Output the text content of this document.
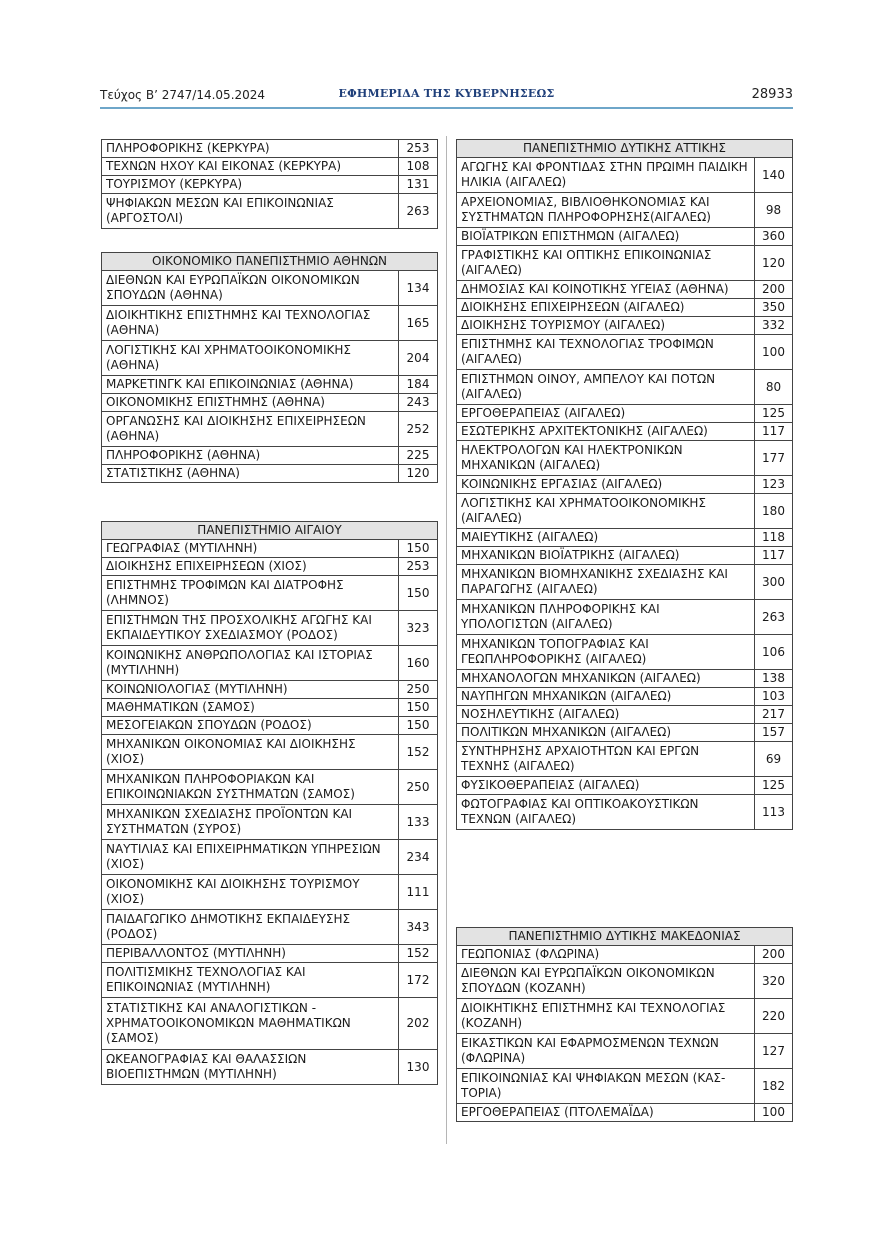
Τεύχος Β’ 2747/14.05.2024	ΕΦΗΜΕΡΙΔΑ ΤΗΣ ΚΥΒΕΡΝΗΣΕΩΣ	28933
ΠΛΗΡΟΦΟΡΙΚΗΣ (ΚΕΡΚΥΡΑ)	253
ΤΕΧΝΩΝ ΗΧΟΥ ΚΑΙ ΕΙΚΟΝΑΣ (ΚΕΡΚΥΡΑ)	108
ΤΟΥΡΙΣΜΟΥ (ΚΕΡΚΥΡΑ)	131
ΨΗΦΙΑΚΩΝ ΜΕΣΩΝ ΚΑΙ ΕΠΙΚΟΙΝΩΝΙΑΣ (ΑΡΓΟΣΤΟΛΙ)	263
ΟΙΚΟΝΟΜΙΚΟ ΠΑΝΕΠΙΣΤΗΜΙΟ ΑΘΗΝΩΝ	
ΔΙΕΘΝΩΝ ΚΑΙ ΕΥΡΩΠΑΪΚΩΝ ΟΙΚΟΝΟΜΙΚΩΝ ΣΠΟΥΔΩΝ (ΑΘΗΝΑ)	134
ΔΙΟΙΚΗΤΙΚΗΣ ΕΠΙΣΤΗΜΗΣ ΚΑΙ ΤΕΧΝΟΛΟΓΙΑΣ (ΑΘΗΝΑ)	165
ΛΟΓΙΣΤΙΚΗΣ ΚΑΙ ΧΡΗΜΑΤΟΟΙΚΟΝΟΜΙΚΗΣ (ΑΘΗΝΑ)	204
ΜΑΡΚΕΤΙΝΓΚ ΚΑΙ ΕΠΙΚΟΙΝΩΝΙΑΣ (ΑΘΗΝΑ)	184
ΟΙΚΟΝΟΜΙΚΗΣ ΕΠΙΣΤΗΜΗΣ (ΑΘΗΝΑ)	243
ΟΡΓΑΝΩΣΗΣ ΚΑΙ ΔΙΟΙΚΗΣΗΣ ΕΠΙΧΕΙΡΗΣΕΩΝ (ΑΘΗΝΑ)	252
ΠΛΗΡΟΦΟΡΙΚΗΣ (ΑΘΗΝΑ)	225
ΣΤΑΤΙΣΤΙΚΗΣ (ΑΘΗΝΑ)	120
ΠΑΝΕΠΙΣΤΗΜΙΟ ΑΙΓΑΙΟΥ	
ΓΕΩΓΡΑΦΙΑΣ (ΜΥΤΙΛΗΝΗ)	150
ΔΙΟΙΚΗΣΗΣ ΕΠΙΧΕΙΡΗΣΕΩΝ (ΧΙΟΣ)	253
ΕΠΙΣΤΗΜΗΣ ΤΡΟΦΙΜΩΝ ΚΑΙ ΔΙΑΤΡΟΦΗΣ (ΛΗΜΝΟΣ)	150
ΕΠΙΣΤΗΜΩΝ ΤΗΣ ΠΡΟΣΧΟΛΙΚΗΣ ΑΓΩΓΗΣ ΚΑΙ ΕΚΠΑΙΔΕΥΤΙΚΟΥ ΣΧΕΔΙΑΣΜΟΥ (ΡΟΔΟΣ)	323
ΚΟΙΝΩΝΙΚΗΣ ΑΝΘΡΩΠΟΛΟΓΙΑΣ ΚΑΙ ΙΣΤΟΡΙΑΣ (ΜΥΤΙΛΗΝΗ)	160
ΚΟΙΝΩΝΙΟΛΟΓΙΑΣ (ΜΥΤΙΛΗΝΗ)	250
ΜΑΘΗΜΑΤΙΚΩΝ (ΣΑΜΟΣ)	150
ΜΕΣΟΓΕΙΑΚΩΝ ΣΠΟΥΔΩΝ (ΡΟΔΟΣ)	150
ΜΗΧΑΝΙΚΩΝ ΟΙΚΟΝΟΜΙΑΣ ΚΑΙ ΔΙΟΙΚΗΣΗΣ (ΧΙΟΣ)	152
ΜΗΧΑΝΙΚΩΝ ΠΛΗΡΟΦΟΡΙΑΚΩΝ ΚΑΙ ΕΠΙΚΟΙΝΩΝΙΑΚΩΝ ΣΥΣΤΗΜΑΤΩΝ (ΣΑΜΟΣ)	250
ΜΗΧΑΝΙΚΩΝ ΣΧΕΔΙΑΣΗΣ ΠΡΟΪΟΝΤΩΝ ΚΑΙ ΣΥΣΤΗΜΑΤΩΝ (ΣΥΡΟΣ)	133
ΝΑΥΤΙΛΙΑΣ ΚΑΙ ΕΠΙΧΕΙΡΗΜΑΤΙΚΩΝ ΥΠΗΡΕΣΙΩΝ (ΧΙΟΣ)	234
ΟΙΚΟΝΟΜΙΚΗΣ ΚΑΙ ΔΙΟΙΚΗΣΗΣ ΤΟΥΡΙΣΜΟΥ (ΧΙΟΣ)	111
ΠΑΙΔΑΓΩΓΙΚΟ ΔΗΜΟΤΙΚΗΣ ΕΚΠΑΙΔΕΥΣΗΣ (ΡΟΔΟΣ)	343
ΠΕΡΙΒΑΛΛΟΝΤΟΣ (ΜΥΤΙΛΗΝΗ)	152
ΠΟΛΙΤΙΣΜΙΚΗΣ ΤΕΧΝΟΛΟΓΙΑΣ ΚΑΙ ΕΠΙΚΟΙΝΩΝΙΑΣ (ΜΥΤΙΛΗΝΗ)	172
ΣΤΑΤΙΣΤΙΚΗΣ ΚΑΙ ΑΝΑΛΟΓΙΣΤΙΚΩΝ - ΧΡΗΜΑΤΟΟΙΚΟΝΟΜΙΚΩΝ ΜΑΘΗΜΑΤΙΚΩΝ (ΣΑΜΟΣ)	202
ΩΚΕΑΝΟΓΡΑΦΙΑΣ ΚΑΙ ΘΑΛΑΣΣΙΩΝ ΒΙΟΕΠΙΣΤΗΜΩΝ (ΜΥΤΙΛΗΝΗ)	130
ΠΑΝΕΠΙΣΤΗΜΙΟ ΔΥΤΙΚΗΣ ΑΤΤΙΚΗΣ	
ΑΓΩΓΗΣ ΚΑΙ ΦΡΟΝΤΙΔΑΣ ΣΤΗΝ ΠΡΩΙΜΗ ΠΑΙΔΙΚΗ ΗΛΙΚΙΑ (ΑΙΓΑΛΕΩ)	140
ΑΡΧΕΙΟΝΟΜΙΑΣ, ΒΙΒΛΙΟΘΗΚΟΝΟΜΙΑΣ ΚΑΙ ΣΥΣΤΗΜΑΤΩΝ ΠΛΗΡΟΦΟΡΗΣΗΣ(ΑΙΓΑΛΕΩ)	98
ΒΙΟΪΑΤΡΙΚΩΝ ΕΠΙΣΤΗΜΩΝ (ΑΙΓΑΛΕΩ)	360
ΓΡΑΦΙΣΤΙΚΗΣ ΚΑΙ ΟΠΤΙΚΗΣ ΕΠΙΚΟΙΝΩΝΙΑΣ (ΑΙΓΑΛΕΩ)	120
ΔΗΜΟΣΙΑΣ ΚΑΙ ΚΟΙΝΟΤΙΚΗΣ ΥΓΕΙΑΣ (ΑΘΗΝΑ)	200
ΔΙΟΙΚΗΣΗΣ ΕΠΙΧΕΙΡΗΣΕΩΝ (ΑΙΓΑΛΕΩ)	350
ΔΙΟΙΚΗΣΗΣ ΤΟΥΡΙΣΜΟΥ (ΑΙΓΑΛΕΩ)	332
ΕΠΙΣΤΗΜΗΣ ΚΑΙ ΤΕΧΝΟΛΟΓΙΑΣ ΤΡΟΦΙΜΩΝ (ΑΙΓΑΛΕΩ)	100
ΕΠΙΣΤΗΜΩΝ ΟΙΝΟΥ, ΑΜΠΕΛΟΥ ΚΑΙ ΠΟΤΩΝ (ΑΙΓΑΛΕΩ)	80
ΕΡΓΟΘΕΡΑΠΕΙΑΣ (ΑΙΓΑΛΕΩ)	125
ΕΣΩΤΕΡΙΚΗΣ ΑΡΧΙΤΕΚΤΟΝΙΚΗΣ (ΑΙΓΑΛΕΩ)	117
ΗΛΕΚΤΡΟΛΟΓΩΝ ΚΑΙ ΗΛΕΚΤΡΟΝΙΚΩΝ ΜΗΧΑΝΙΚΩΝ (ΑΙΓΑΛΕΩ)	177
ΚΟΙΝΩΝΙΚΗΣ ΕΡΓΑΣΙΑΣ (ΑΙΓΑΛΕΩ)	123
ΛΟΓΙΣΤΙΚΗΣ ΚΑΙ ΧΡΗΜΑΤΟΟΙΚΟΝΟΜΙΚΗΣ (ΑΙΓΑΛΕΩ)	180
ΜΑΙΕΥΤΙΚΗΣ (ΑΙΓΑΛΕΩ)	118
ΜΗΧΑΝΙΚΩΝ ΒΙΟΪΑΤΡΙΚΗΣ (ΑΙΓΑΛΕΩ)	117
ΜΗΧΑΝΙΚΩΝ ΒΙΟΜΗΧΑΝΙΚΗΣ ΣΧΕΔΙΑΣΗΣ ΚΑΙ ΠΑΡΑΓΩΓΗΣ (ΑΙΓΑΛΕΩ)	300
ΜΗΧΑΝΙΚΩΝ ΠΛΗΡΟΦΟΡΙΚΗΣ ΚΑΙ ΥΠΟΛΟΓΙΣΤΩΝ (ΑΙΓΑΛΕΩ)	263
ΜΗΧΑΝΙΚΩΝ ΤΟΠΟΓΡΑΦΙΑΣ ΚΑΙ ΓΕΩΠΛΗΡΟΦΟΡΙΚΗΣ (ΑΙΓΑΛΕΩ)	106
ΜΗΧΑΝΟΛΟΓΩΝ ΜΗΧΑΝΙΚΩΝ (ΑΙΓΑΛΕΩ)	138
ΝΑΥΠΗΓΩΝ ΜΗΧΑΝΙΚΩΝ (ΑΙΓΑΛΕΩ)	103
ΝΟΣΗΛΕΥΤΙΚΗΣ (ΑΙΓΑΛΕΩ)	217
ΠΟΛΙΤΙΚΩΝ ΜΗΧΑΝΙΚΩΝ (ΑΙΓΑΛΕΩ)	157
ΣΥΝΤΗΡΗΣΗΣ ΑΡΧΑΙΟΤΗΤΩΝ ΚΑΙ ΕΡΓΩΝ ΤΕΧΝΗΣ (ΑΙΓΑΛΕΩ)	69
ΦΥΣΙΚΟΘΕΡΑΠΕΙΑΣ (ΑΙΓΑΛΕΩ)	125
ΦΩΤΟΓΡΑΦΙΑΣ ΚΑΙ ΟΠΤΙΚΟΑΚΟΥΣΤΙΚΩΝ ΤΕΧΝΩΝ (ΑΙΓΑΛΕΩ)	113
ΠΑΝΕΠΙΣΤΗΜΙΟ ΔΥΤΙΚΗΣ ΜΑΚΕΔΟΝΙΑΣ	
ΓΕΩΠΟΝΙΑΣ (ΦΛΩΡΙΝΑ)	200
ΔΙΕΘΝΩΝ ΚΑΙ ΕΥΡΩΠΑΪΚΩΝ ΟΙΚΟΝΟΜΙΚΩΝ ΣΠΟΥΔΩΝ (ΚΟΖΑΝΗ)	320
ΔΙΟΙΚΗΤΙΚΗΣ ΕΠΙΣΤΗΜΗΣ ΚΑΙ ΤΕΧΝΟΛΟΓΙΑΣ (ΚΟΖΑΝΗ)	220
ΕΙΚΑΣΤΙΚΩΝ ΚΑΙ ΕΦΑΡΜΟΣΜΕΝΩΝ ΤΕΧΝΩΝ (ΦΛΩΡΙΝΑ)	127
ΕΠΙΚΟΙΝΩΝΙΑΣ ΚΑΙ ΨΗΦΙΑΚΩΝ ΜΕΣΩΝ (ΚΑΣ-ΤΟΡΙΑ)	182
ΕΡΓΟΘΕΡΑΠΕΙΑΣ (ΠΤΟΛΕΜΑΪΔΑ)	100
